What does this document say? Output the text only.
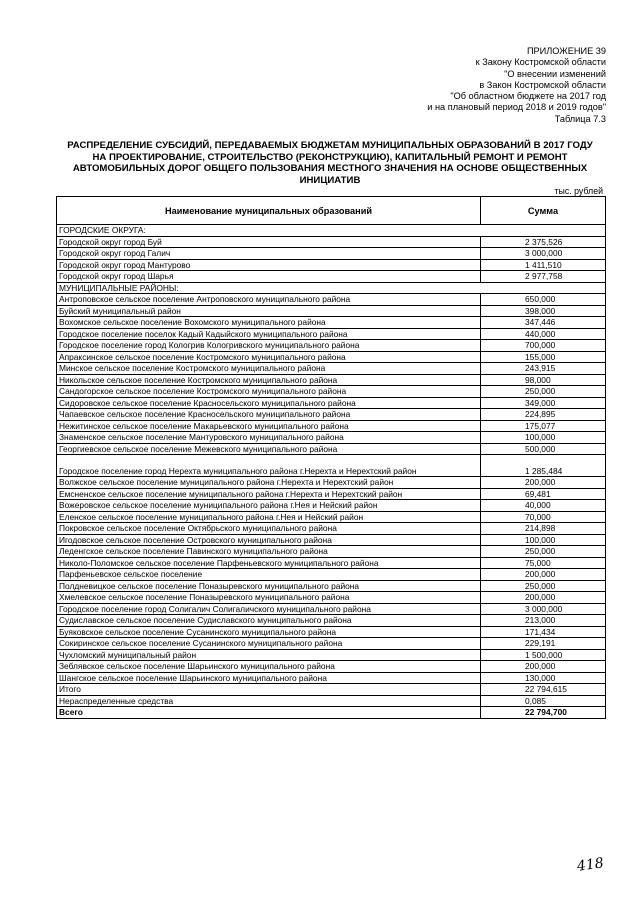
ПРИЛОЖЕНИЕ 39
к Закону Костромской области
"О внесении изменений
в Закон Костромской области
"Об областном бюджете на 2017 год
и на плановый период 2018 и 2019 годов"
Таблица 7.3
РАСПРЕДЕЛЕНИЕ СУБСИДИЙ, ПЕРЕДАВАЕМЫХ БЮДЖЕТАМ МУНИЦИПАЛЬНЫХ ОБРАЗОВАНИЙ В 2017 ГОДУ
НА ПРОЕКТИРОВАНИЕ, СТРОИТЕЛЬСТВО (РЕКОНСТРУКЦИЮ), КАПИТАЛЬНЫЙ РЕМОНТ И РЕМОНТ
АВТОМОБИЛЬНЫХ ДОРОГ ОБЩЕГО ПОЛЬЗОВАНИЯ МЕСТНОГО ЗНАЧЕНИЯ НА ОСНОВЕ ОБЩЕСТВЕННЫХ
ИНИЦИАТИВ
тыс. рублей
Наименование муниципальных образований	Сумма
ГОРОДСКИЕ ОКРУГА:	
Городской округ город Буй	2 375,526
Городской округ город Галич	3 000,000
Городской округ город Мантурово	1 411,510
Городской округ город Шарья	2 977,758
МУНИЦИПАЛЬНЫЕ РАЙОНЫ:	
Антроповское сельское поселение Антроповского муниципального района	650,000
Буйский муниципальный район	398,000
Вохомское сельское поселение Вохомского муниципального района	347,446
Городское поселение поселок Кадый Кадыйского муниципального района	440,000
Городское поселение город Кологрив Кологривского муниципального района	700,000
Апраксинское сельское поселение Костромского муниципального района	155,000
Минское сельское поселение Костромского муниципального района	243,915
Никольское сельское поселение Костромского муниципального района	98,000
Сандогорское сельское поселение Костромского муниципального района	250,000
Сидоровское сельское поселение Красносельского муниципального района	349,000
Чапаевское сельское поселение Красносельского муниципального района	224,895
Нежитинское сельское поселение Макарьевского муниципального района	175,077
Знаменское сельское поселение Мантуровского муниципального района	100,000
Георгиевское сельское поселение Межевского муниципального района	500,000
Городское поселение город Нерехта муниципального района г.Нерехта и Нерехтский район	1 285,484
Волжское сельское поселение муниципального района г.Нерехта и Нерехтский район	200,000
Емсненское сельское поселение муниципального района г.Нерехта и Нерехтский район	69,481
Вожеровское сельское поселение муниципального района г.Нея и Нейский район	40,000
Еленское сельское поселение муниципального района г.Нея и Нейский район	70,000
Покровское сельское поселение Октябрьского муниципального района	214,898
Игодовское сельское поселение Островского муниципального района	100,000
Леденгское сельское поселение Павинского муниципального района	250,000
Николо-Поломское сельское поселение Парфеньевского муниципального района	75,000
Парфеньевское сельское поселение	200,000
Полдневицкое сельское поселение Поназыревского муниципального района	250,000
Хмелевское сельское поселение Поназыревского муниципального района	200,000
Городское поселение город Солигалич Солигаличского муниципального района	3 000,000
Судиславское сельское поселение Судиславского муниципального района	213,000
Буяковское сельское поселение Сусанинского муниципального района	171,434
Сокиринское сельское поселение Сусанинского муниципального района	229,191
Чухломский муниципальный район	1 500,000
Зеблявское сельское поселение Шарьинского муниципального района	200,000
Шангское сельское поселение Шарьинского муниципального района	130,000
Итого	22 794,615
Нераспределенные средства	0,085
Всего	22 794,700
418
